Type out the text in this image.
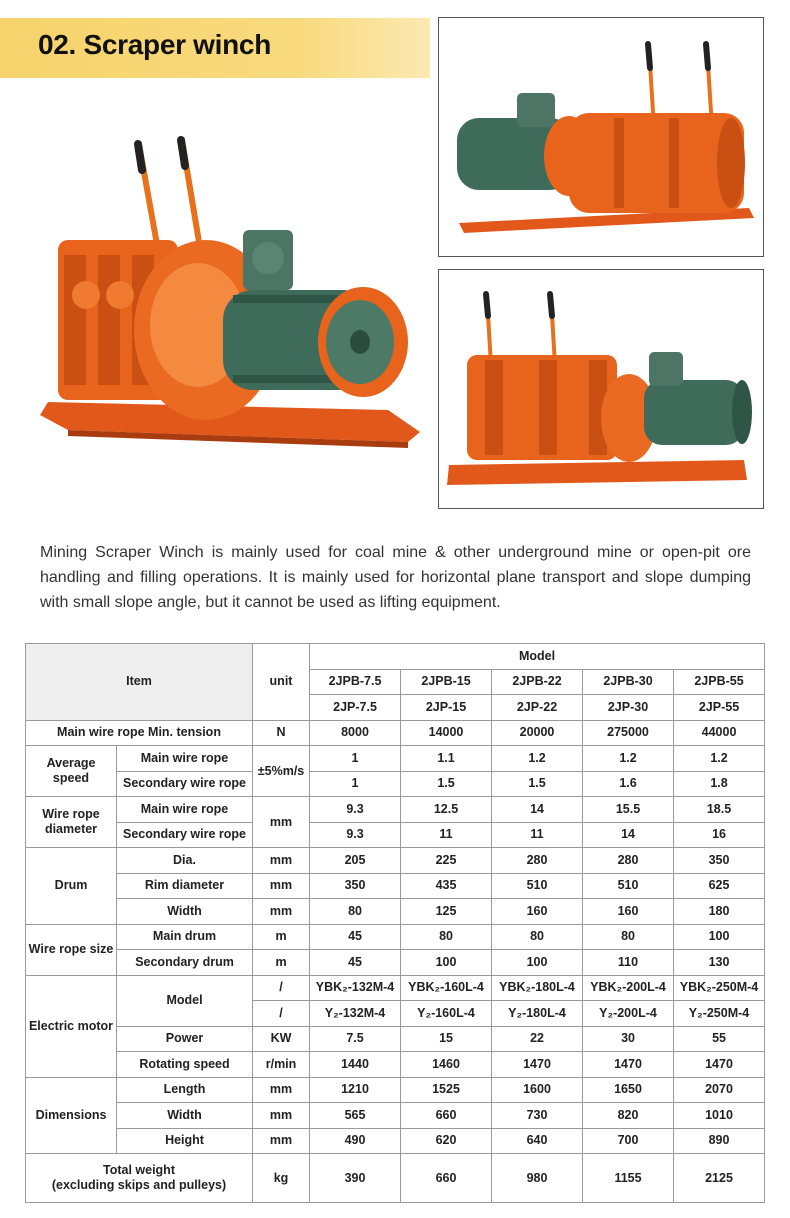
02. Scraper winch
Mining Scraper Winch is mainly used for coal mine & other underground mine or open-pit ore handling and filling operations. It is mainly used for horizontal plane transport and slope dumping with small slope angle, but it cannot be used as lifting equipment.
Item		unit	Model				
			2JPB-7.5	2JPB-15	2JPB-22	2JPB-30	2JPB-55
			2JP-7.5	2JP-15	2JP-22	2JP-30	2JP-55
Main wire rope Min. tension		N	8000	14000	20000	275000	44000
Average speed	Main wire rope	±5%m/s	1	1.1	1.2	1.2	1.2
	Secondary wire rope		1	1.5	1.5	1.6	1.8
Wire rope diameter	Main wire rope	mm	9.3	12.5	14	15.5	18.5
	Secondary wire rope		9.3	11	11	14	16
Drum	Dia.	mm	205	225	280	280	350
	Rim diameter	mm	350	435	510	510	625
	Width	mm	80	125	160	160	180
Wire rope size	Main drum	m	45	80	80	80	100
	Secondary drum	m	45	100	100	110	130
Electric motor	Model	/	YBK₂-132M-4	YBK₂-160L-4	YBK₂-180L-4	YBK₂-200L-4	YBK₂-250M-4
		/	Y₂-132M-4	Y₂-160L-4	Y₂-180L-4	Y₂-200L-4	Y₂-250M-4
	Power	KW	7.5	15	22	30	55
	Rotating speed	r/min	1440	1460	1470	1470	1470
Dimensions	Length	mm	1210	1525	1600	1650	2070
	Width	mm	565	660	730	820	1010
	Height	mm	490	620	640	700	890

Total weight
(excluding skips and pulleys)		kg	390	660	980	1155	2125
